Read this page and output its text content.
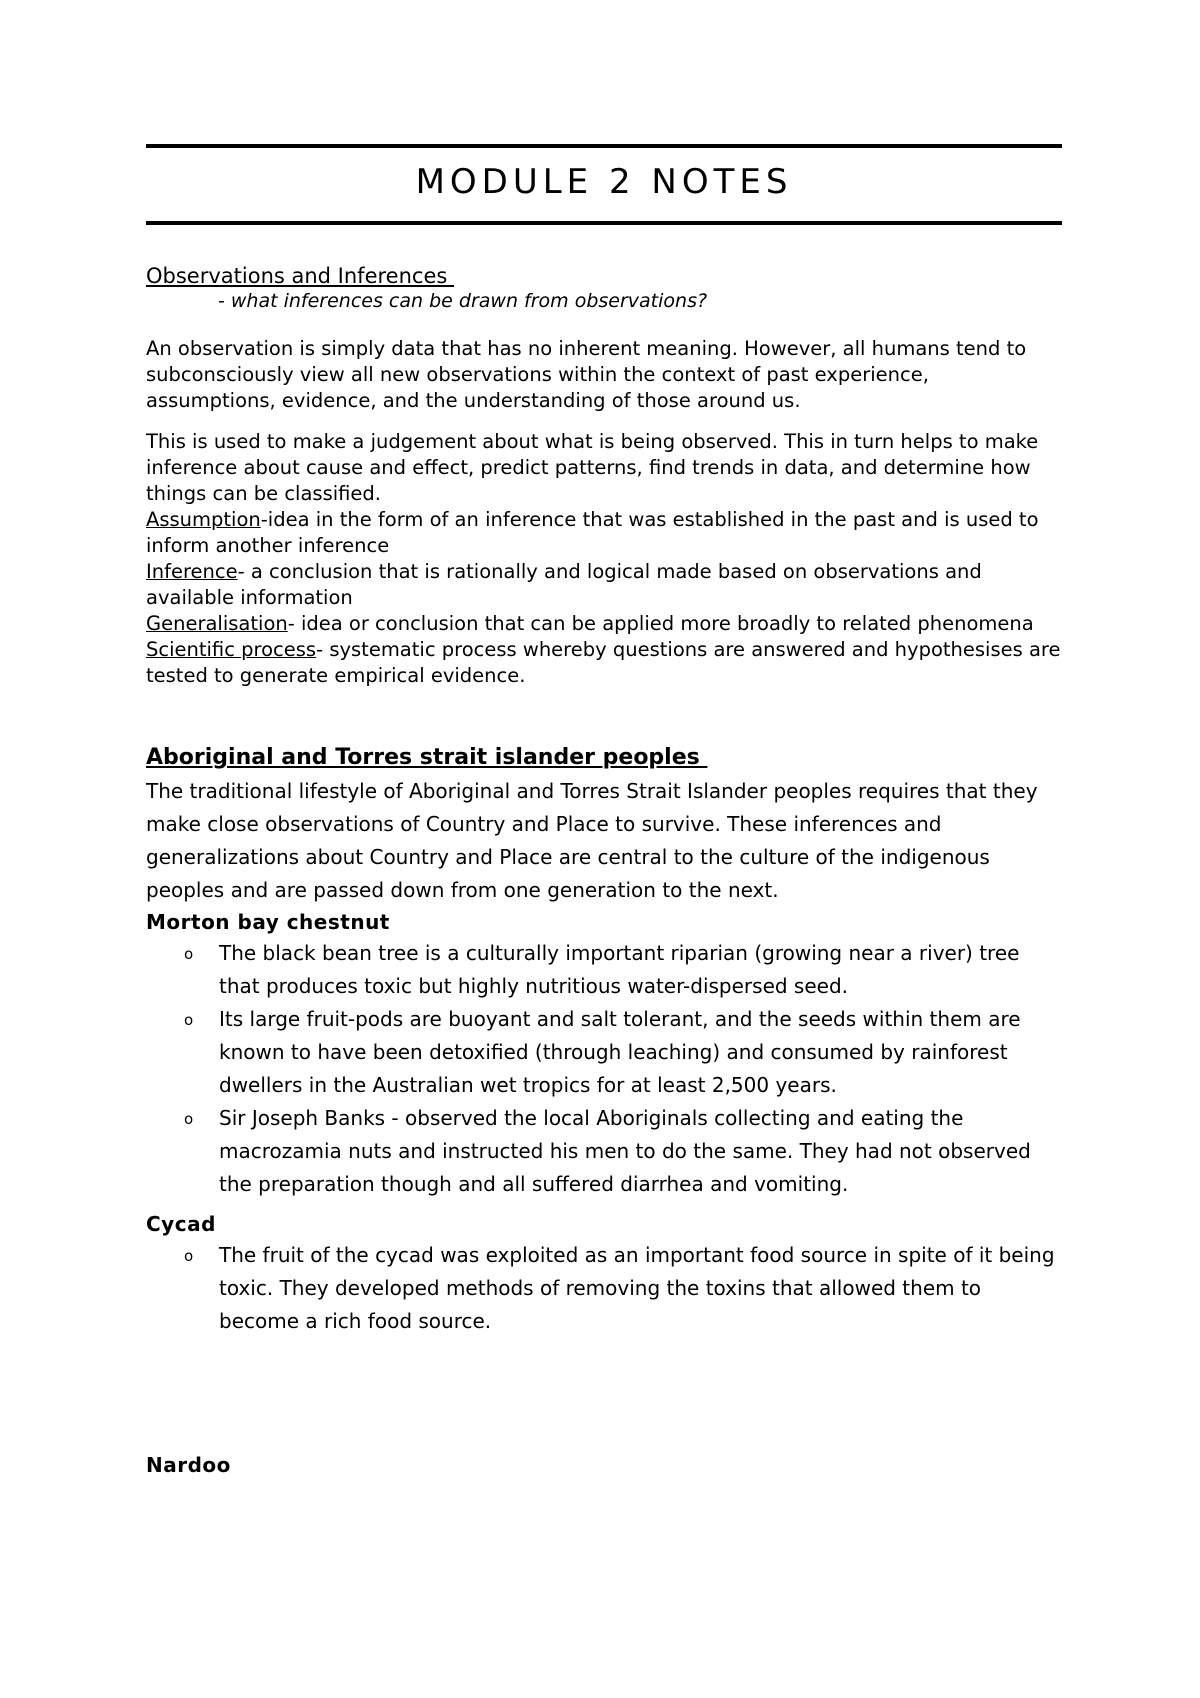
MODULE 2 NOTES

Observations and Inferences

- what inferences can be drawn from observations?

An observation is simply data that has no inherent meaning. However, all humans tend to subconsciously view all new observations within the context of past experience, assumptions, evidence, and the understanding of those around us.

This is used to make a judgement about what is being observed. This in turn helps to make inference about cause and effect, predict patterns, find trends in data, and determine how things can be classified.

Assumption-idea in the form of an inference that was established in the past and is used to inform another inference

Inference- a conclusion that is rationally and logical made based on observations and available information

Generalisation- idea or conclusion that can be applied more broadly to related phenomena

Scientific process- systematic process whereby questions are answered and hypothesises are tested to generate empirical evidence.

Aboriginal and Torres strait islander peoples

The traditional lifestyle of Aboriginal and Torres Strait Islander peoples requires that they make close observations of Country and Place to survive. These inferences and generalizations about Country and Place are central to the culture of the indigenous peoples and are passed down from one generation to the next.

Morton bay chestnut

o The black bean tree is a culturally important riparian (growing near a river) tree that produces toxic but highly nutritious water-dispersed seed.
o Its large fruit-pods are buoyant and salt tolerant, and the seeds within them are known to have been detoxified (through leaching) and consumed by rainforest dwellers in the Australian wet tropics for at least 2,500 years.
o Sir Joseph Banks - observed the local Aboriginals collecting and eating the macrozamia nuts and instructed his men to do the same. They had not observed the preparation though and all suffered diarrhea and vomiting.

Cycad

o The fruit of the cycad was exploited as an important food source in spite of it being toxic. They developed methods of removing the toxins that allowed them to become a rich food source.

Nardoo
